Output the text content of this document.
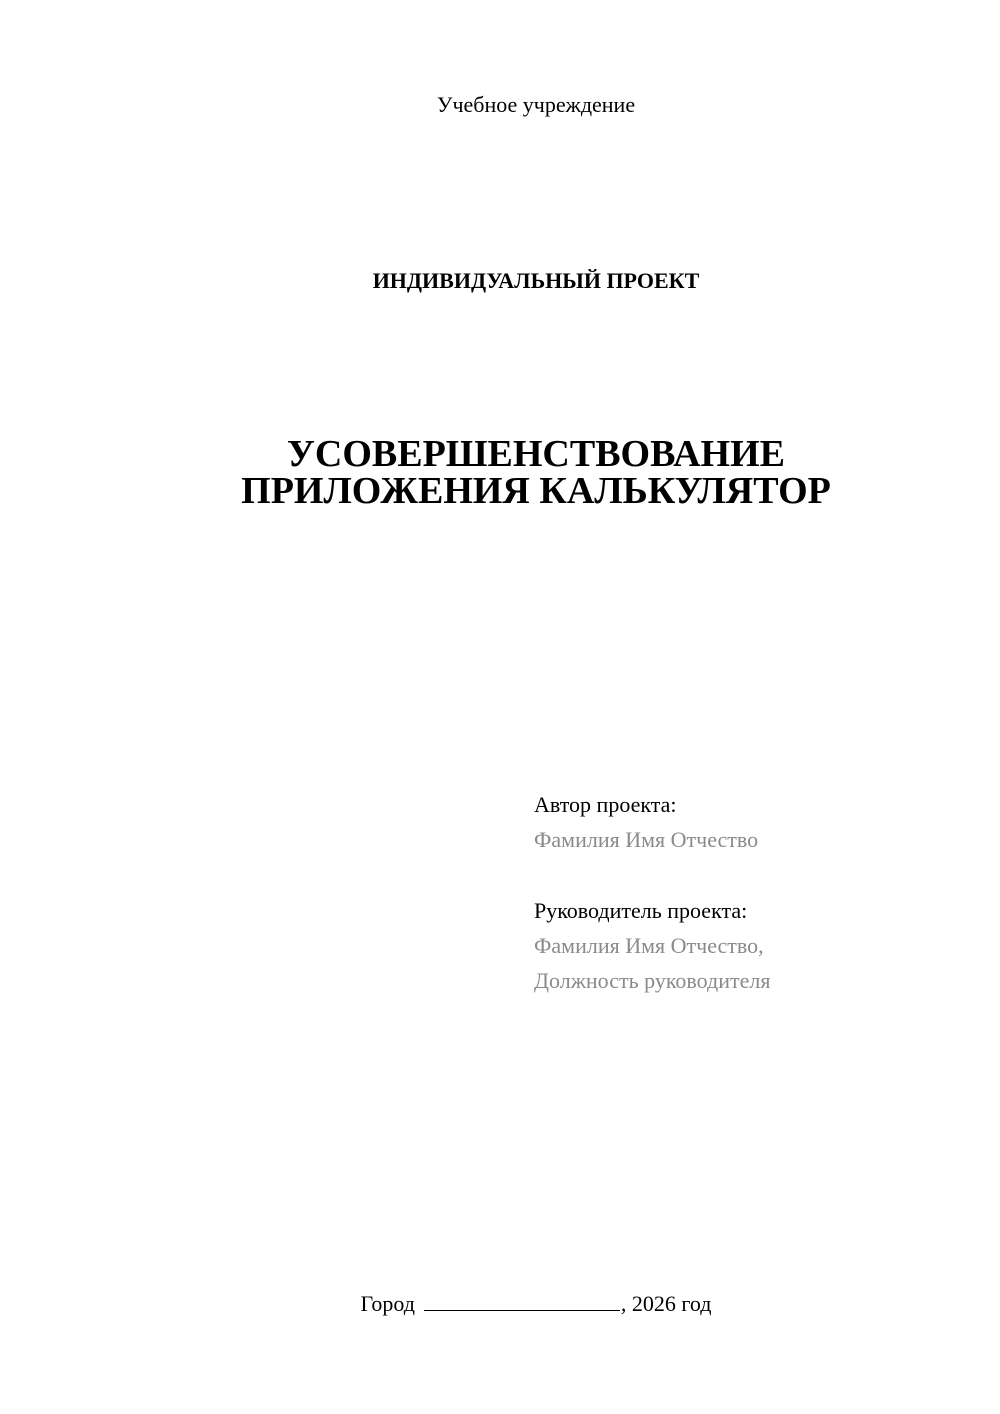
Учебное учреждение
ИНДИВИДУАЛЬНЫЙ ПРОЕКТ
УСОВЕРШЕНСТВОВАНИЕ
ПРИЛОЖЕНИЯ КАЛЬКУЛЯТОР
Автор проекта:
Фамилия Имя Отчество
Руководитель проекта:
Фамилия Имя Отчество,
Должность руководителя
Город	, 2026 год
